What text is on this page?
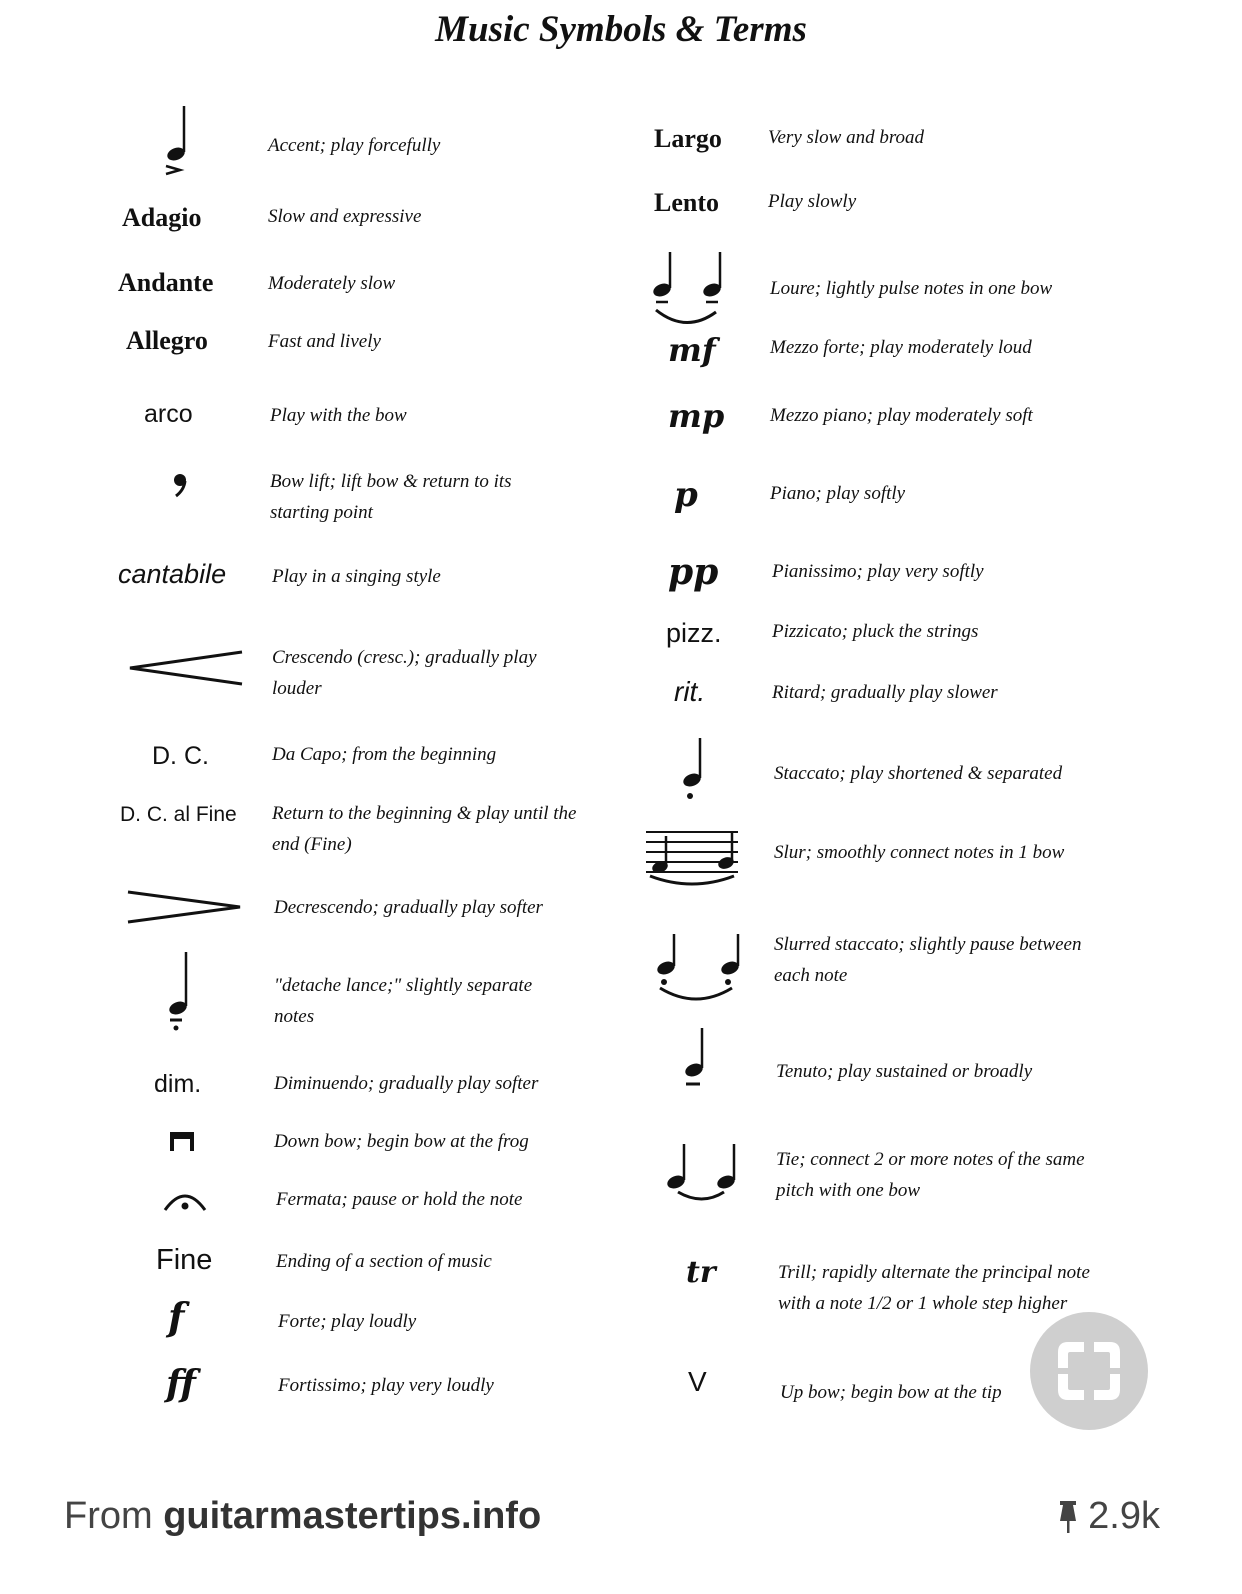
Music Symbols & Terms
Accent; play forcefully
Adagio	Slow and expressive
Andante	Moderately slow
Allegro	Fast and lively
arco	Play with the bow
Bow lift; lift bow & return to its starting point
cantabile Play in a singing style
Crescendo (cresc.); gradually play louder
D. C.	Da Capo; from the beginning
D. C. al Fine Return to the beginning & play until the end (Fine)
Decrescendo; gradually play softer
"detache lance;" slightly separate notes
dim.	Diminuendo; gradually play softer
Down bow; begin bow at the frog
Fermata; pause or hold the note
Fine	Ending of a section of music
f	Forte; play loudly
ff	Fortissimo; play very loudly
Largo Very slow and broad
Lento	Play slowly
Loure; lightly pulse notes in one bow
mf	Mezzo forte; play moderately loud
mp Mezzo piano; play moderately soft
p	Piano; play softly
pp	Pianissimo; play very softly
pizz.	Pizzicato; pluck the strings
rit.	Ritard; gradually play slower
Staccato; play shortened & separated
Slur; smoothly connect notes in 1 bow
Slurred staccato; slightly pause between each note
Tenuto; play sustained or broadly
Tie; connect 2 or more notes of the same pitch with one bow
tr	Trill; rapidly alternate the principal note with a note 1/2 or 1 whole step higher
V	Up bow; begin bow at the tip
From guitarmastertips.info	2.9k
